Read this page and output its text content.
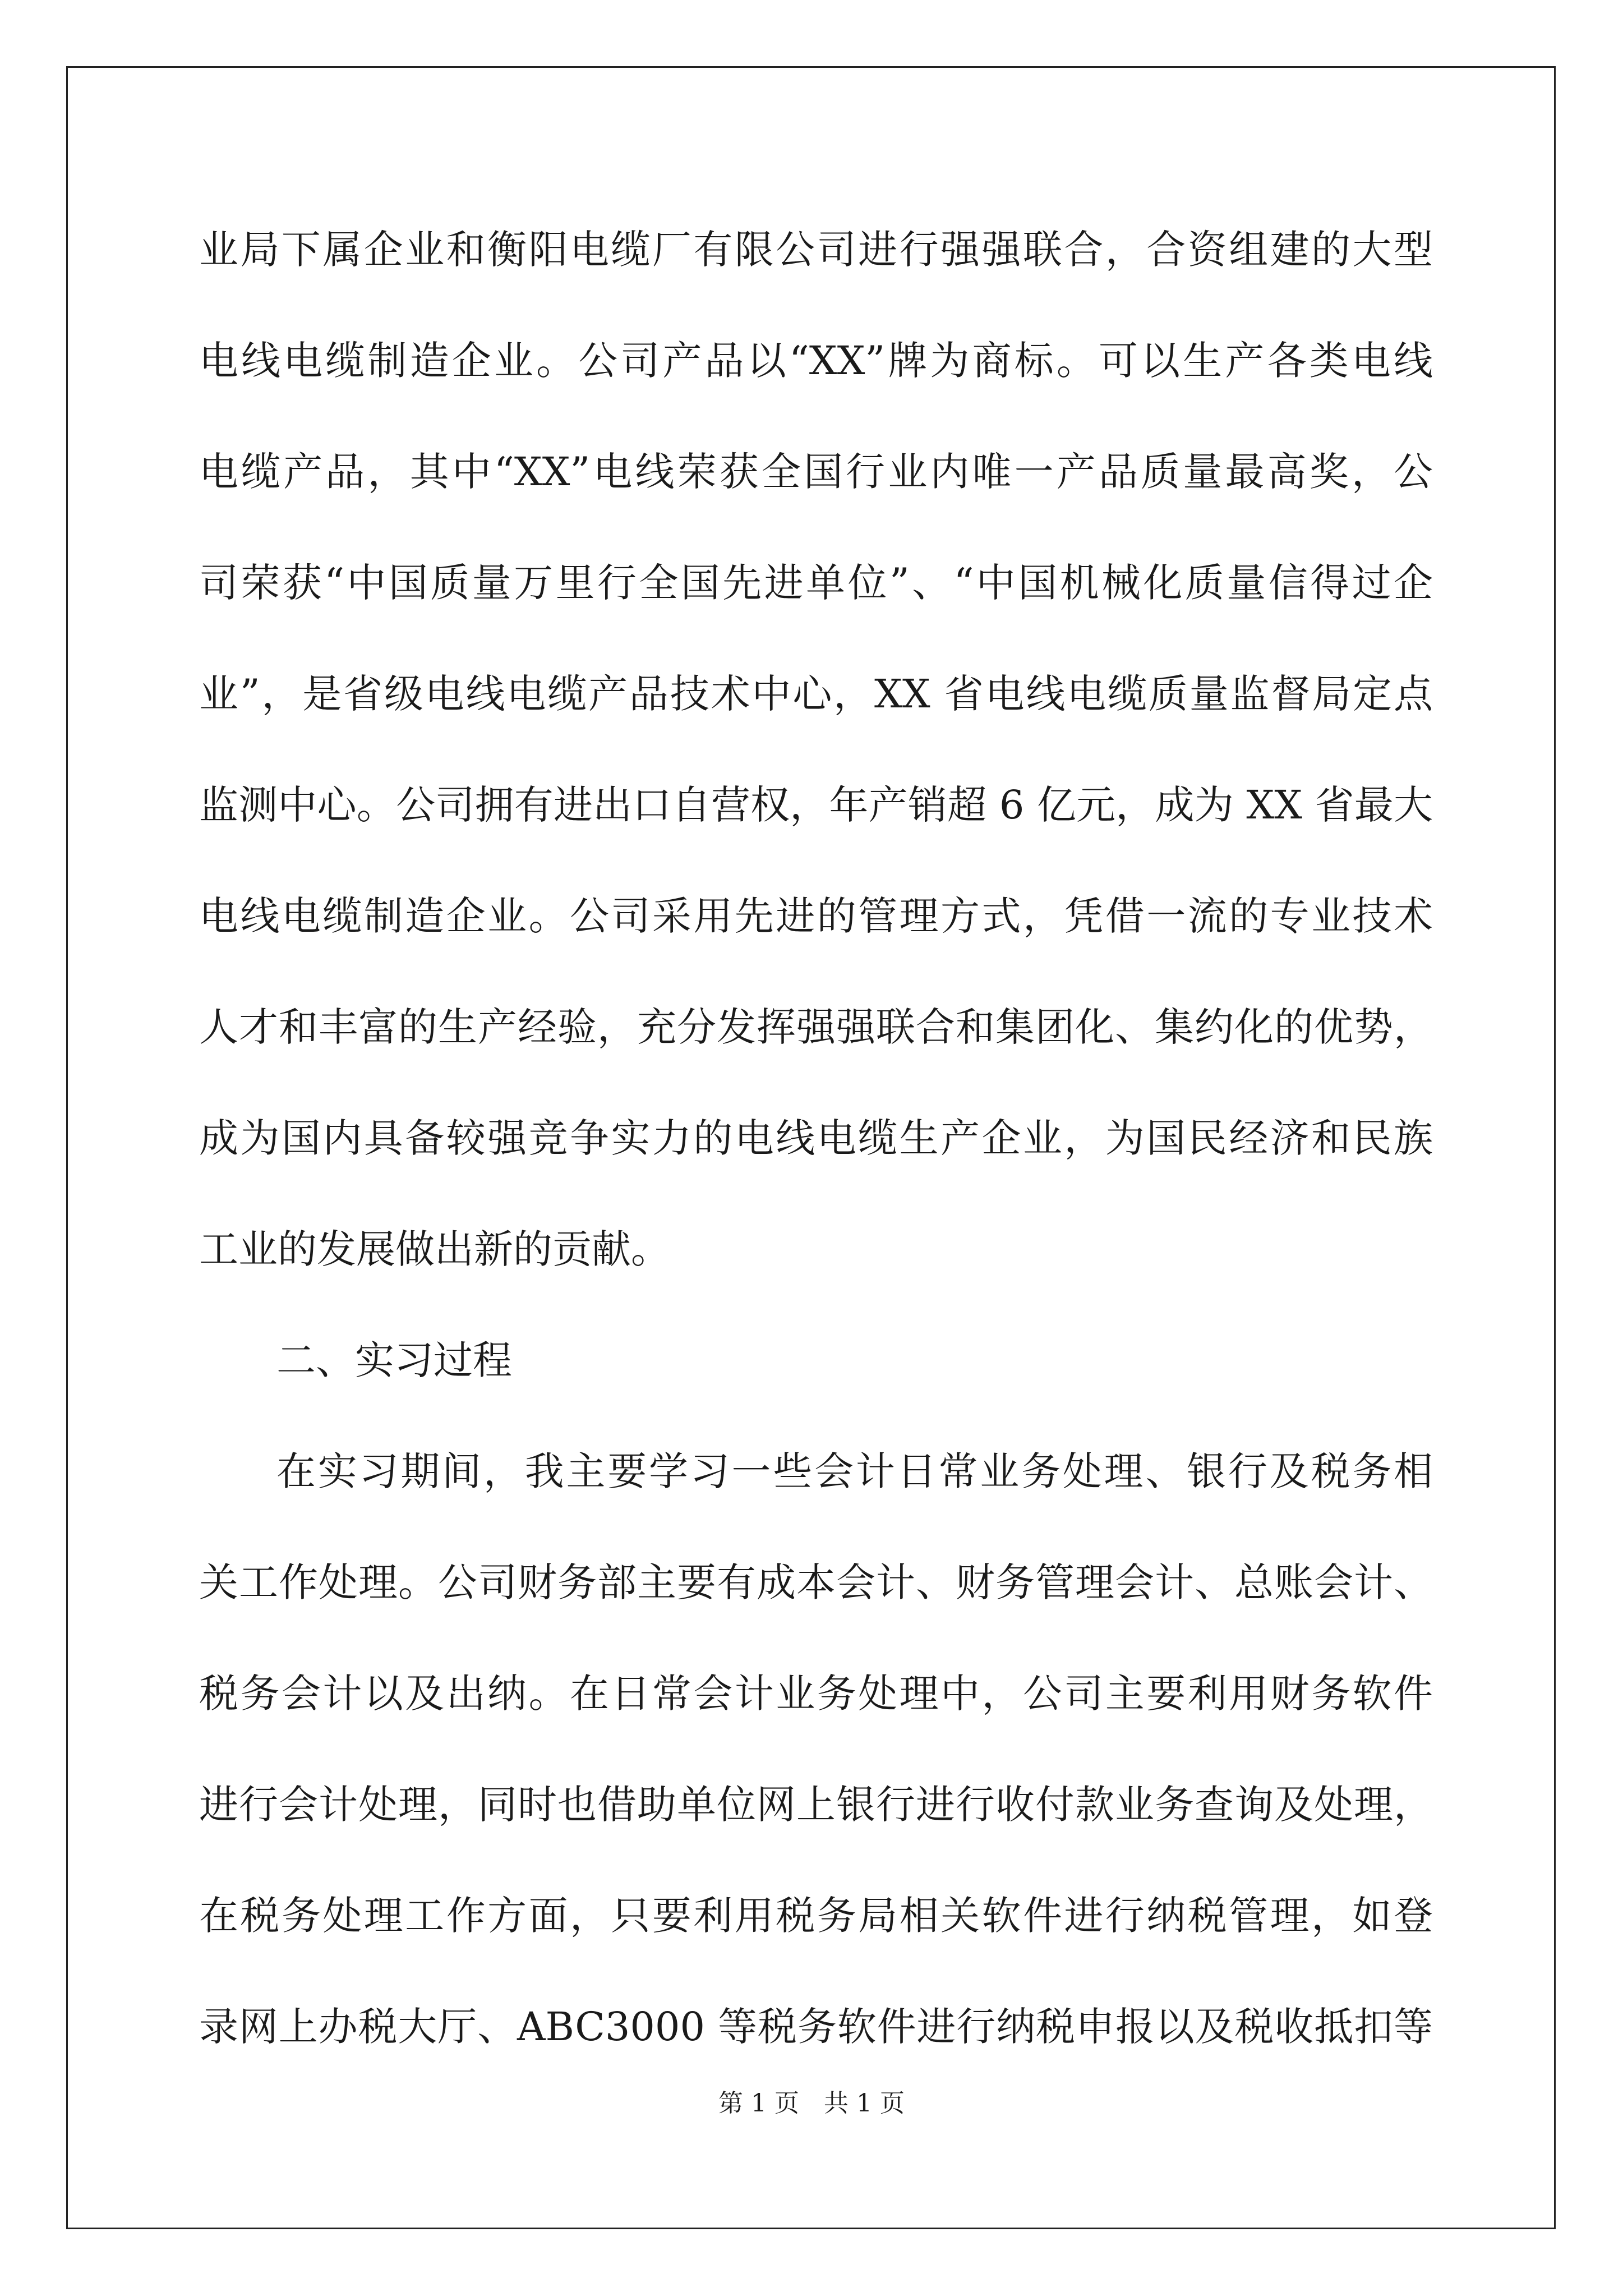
业局下属企业和衡阳电缆厂有限公司进行强强联合，合资组建的大型
电线电缆制造企业。公司产品以“XX”牌为商标。可以生产各类电线
电缆产品，其中“XX”电线荣获全国行业内唯一产品质量最高奖，公
司荣获“中国质量万里行全国先进单位”、“中国机械化质量信得过企
业”，是省级电线电缆产品技术中心，XX 省电线电缆质量监督局定点
监测中心。公司拥有进出口自营权，年产销超 6 亿元，成为 XX 省最大
电线电缆制造企业。公司采用先进的管理方式，凭借一流的专业技术
人才和丰富的生产经验，充分发挥强强联合和集团化、集约化的优势，
成为国内具备较强竞争实力的电线电缆生产企业，为国民经济和民族
工业的发展做出新的贡献。
二、实习过程
在实习期间，我主要学习一些会计日常业务处理、银行及税务相
关工作处理。公司财务部主要有成本会计、财务管理会计、总账会计、
税务会计以及出纳。在日常会计业务处理中，公司主要利用财务软件
进行会计处理，同时也借助单位网上银行进行收付款业务查询及处理，
在税务处理工作方面，只要利用税务局相关软件进行纳税管理，如登
录网上办税大厅、ABC3000 等税务软件进行纳税申报以及税收抵扣等
第 1 页　共 1 页
